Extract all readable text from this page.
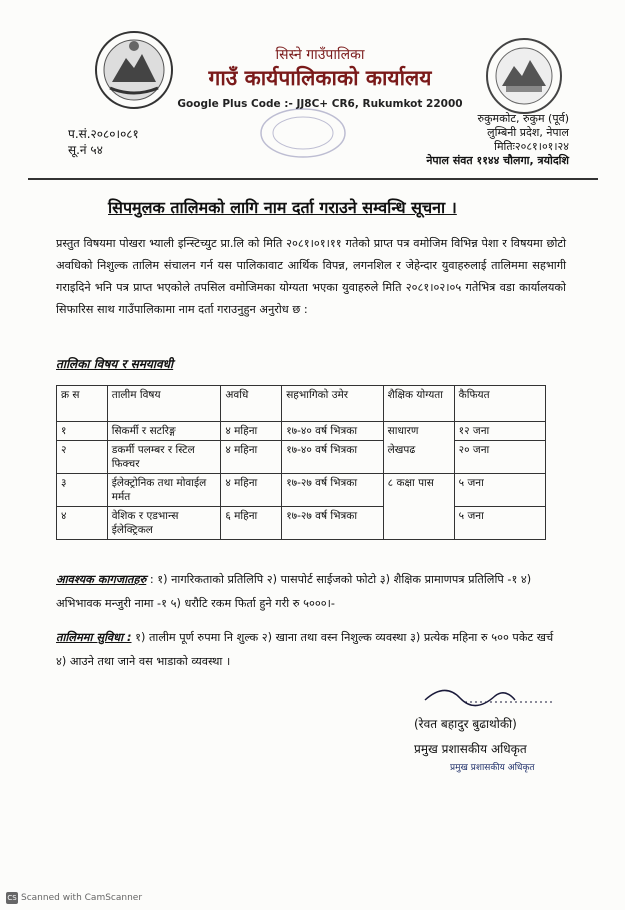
सिस्ने गाउँपालिका
गाउँ कार्यपालिकाको कार्यालय
Google Plus Code :- JJ8C+ CR6, Rukumkot 22000
प.सं.२०८०।०८१
सू.नं ५४
रुकुमकोट, रुकुम (पूर्व)
लुम्बिनी प्रदेश, नेपाल
मितिः२०८१।०१।२४
नेपाल संवत ११४४ चौलगा, त्रयोदशि
सिपमुलक तालिमको लागि नाम दर्ता गराउने सम्वन्धि सूचना ।
प्रस्तुत विषयमा पोखरा भ्याली इन्स्टिच्युट प्रा.लि को मिति २०८१।०१।११ गतेको प्राप्त पत्र वमोजिम विभिन्न पेशा र विषयमा छोटो अवधिको निशुल्क तालिम संचालन गर्न यस पालिकावाट आर्थिक विपन्न, लगनशिल र जेहेन्दार युवाहरुलाई तालिममा सहभागी गराइदिने भनि पत्र प्राप्त भएकोले तपसिल वमोजिमका योग्यता भएका युवाहरुले मिति २०८१।०२।०५ गतेभित्र वडा कार्यालयको सिफारिस साथ गाउँपालिकामा नाम दर्ता गराउनुहुन अनुरोध छ :
तालिका विषय र समयावधी
क्र स	तालीम विषय	अवधि	सहभागिको उमेर	शैक्षिक योग्यता	कैफियत
१	सिकर्मी र सटरिङ्ग	४ महिना	१७-४० वर्ष भित्रका	साधारण	१२ जना
२	डकर्मी पलम्बर र स्टिल फिक्चर	४ महिना	१७-४० वर्ष भित्रका	लेखपढ	२० जना
३	ईलेक्ट्रोनिक तथा मोवाईल मर्मत	४ महिना	१७-२७ वर्ष भित्रका	८ कक्षा पास	५ जना
४	वेशिक र एडभान्स ईलेक्ट्रिकल	६ महिना	१७-२७ वर्ष भित्रका		५ जना
आवश्यक कागजातहरु : १) नागरिकताको प्रतिलिपि २) पासपोर्ट साईजको फोटो ३) शैक्षिक प्रामाणपत्र प्रतिलिपि -१ ४) अभिभावक मन्जुरी नामा -१ ५) धरौटि रकम फिर्ता हुने गरी रु ५०००।-
तालिममा सुविधा : १) तालीम पूर्ण रुपमा नि शुल्क २) खाना तथा वस्न निशुल्क व्यवस्था ३) प्रत्येक महिना रु ५०० पकेट खर्च ४) आउने तथा जाने वस भाडाको व्यवस्था ।
(रेवत बहादुर बुढाथोकी)
प्रमुख प्रशासकीय अधिकृत
प्रमुख प्रशासकीय अधिकृत
CS Scanned with CamScanner
